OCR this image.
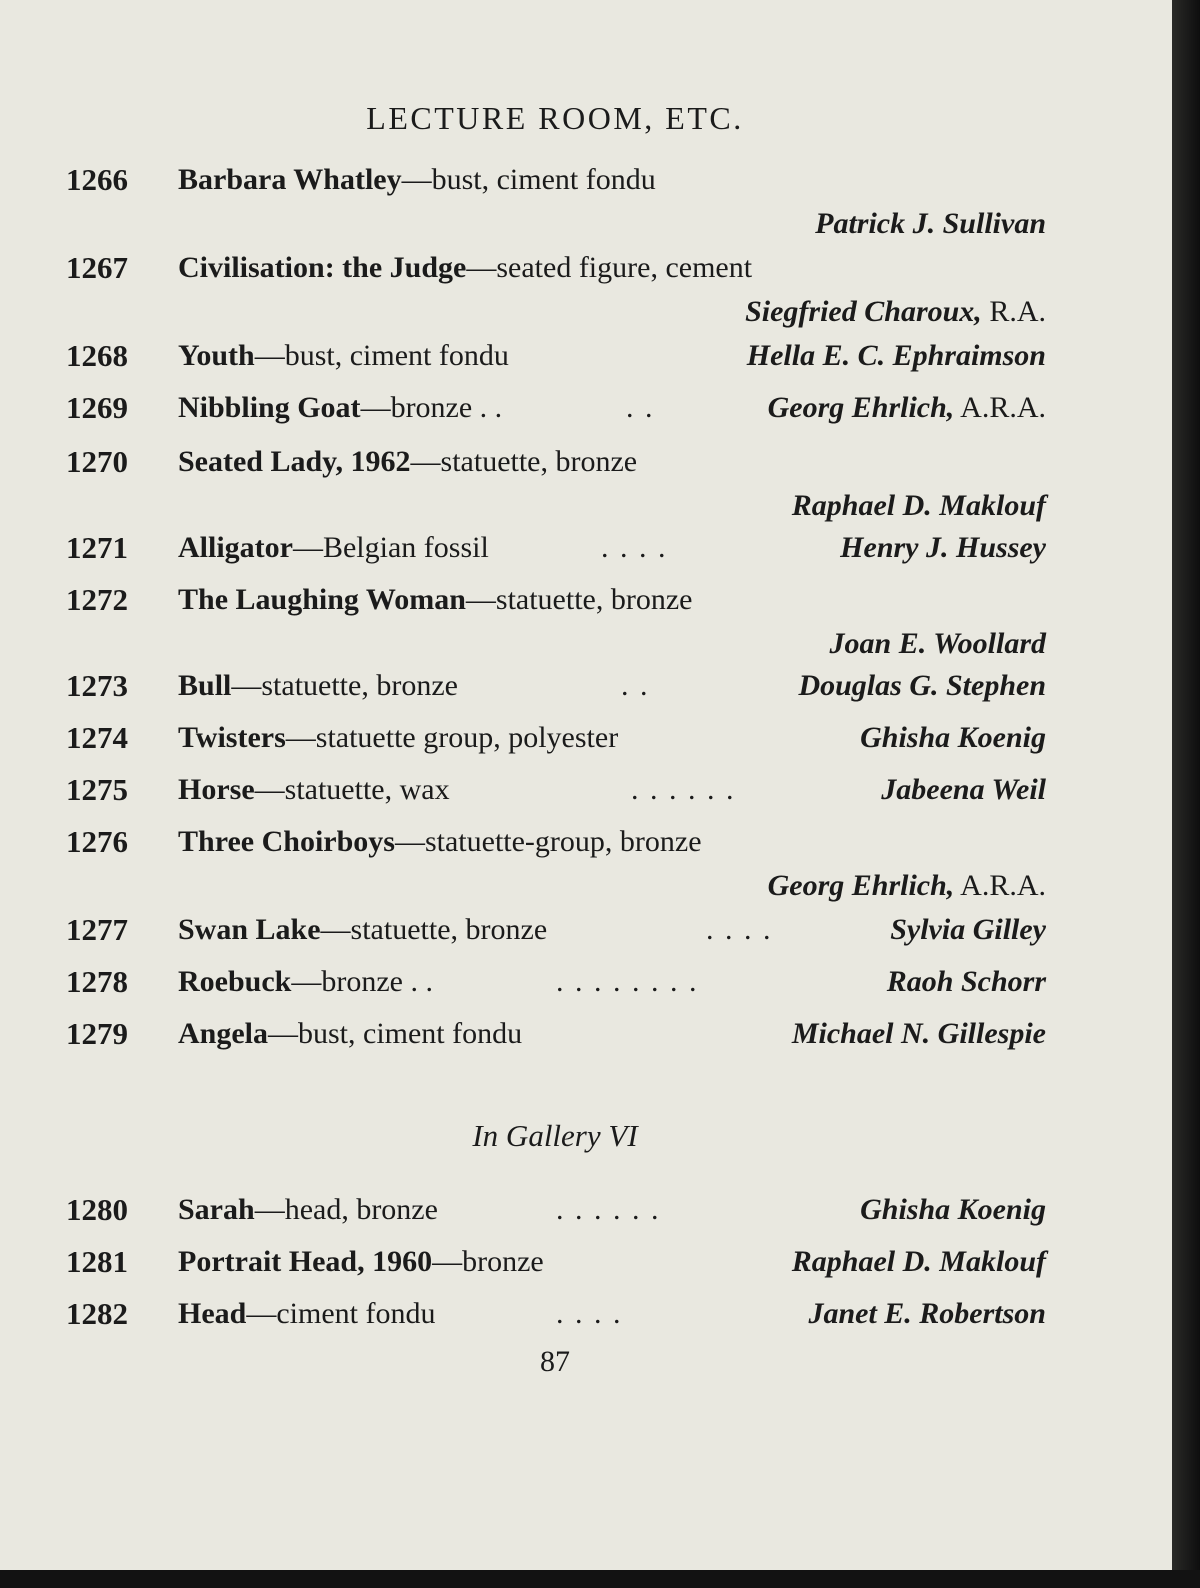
LECTURE ROOM, ETC.
1266 Barbara Whatley—bust, ciment fondu
Patrick J. Sullivan
1267 Civilisation: the Judge—seated figure, cement
Siegfried Charoux, R.A.
1268 Youth—bust, ciment fondu	Hella E. C. Ephraimson
1269 Nibbling Goat—bronze . .	. .	Georg Ehrlich, A.R.A.
1270 Seated Lady, 1962—statuette, bronze
Raphael D. Maklouf
1271 Alligator—Belgian fossil	. . . .	Henry J. Hussey
1272 The Laughing Woman—statuette, bronze
Joan E. Woollard
1273 Bull—statuette, bronze	. .	Douglas G. Stephen
1274 Twisters—statuette group, polyester	Ghisha Koenig
1275 Horse—statuette, wax	. . . . . .	Jabeena Weil
1276 Three Choirboys—statuette-group, bronze
Georg Ehrlich, A.R.A.
1277 Swan Lake—statuette, bronze	. . . .	Sylvia Gilley
1278 Roebuck—bronze . .	. . . . . . . .	Raoh Schorr
1279 Angela—bust, ciment fondu	Michael N. Gillespie
In Gallery VI
1280 Sarah—head, bronze	. . . . . .	Ghisha Koenig
1281 Portrait Head, 1960—bronze	Raphael D. Maklouf
1282 Head—ciment fondu	. . . .	Janet E. Robertson
87
